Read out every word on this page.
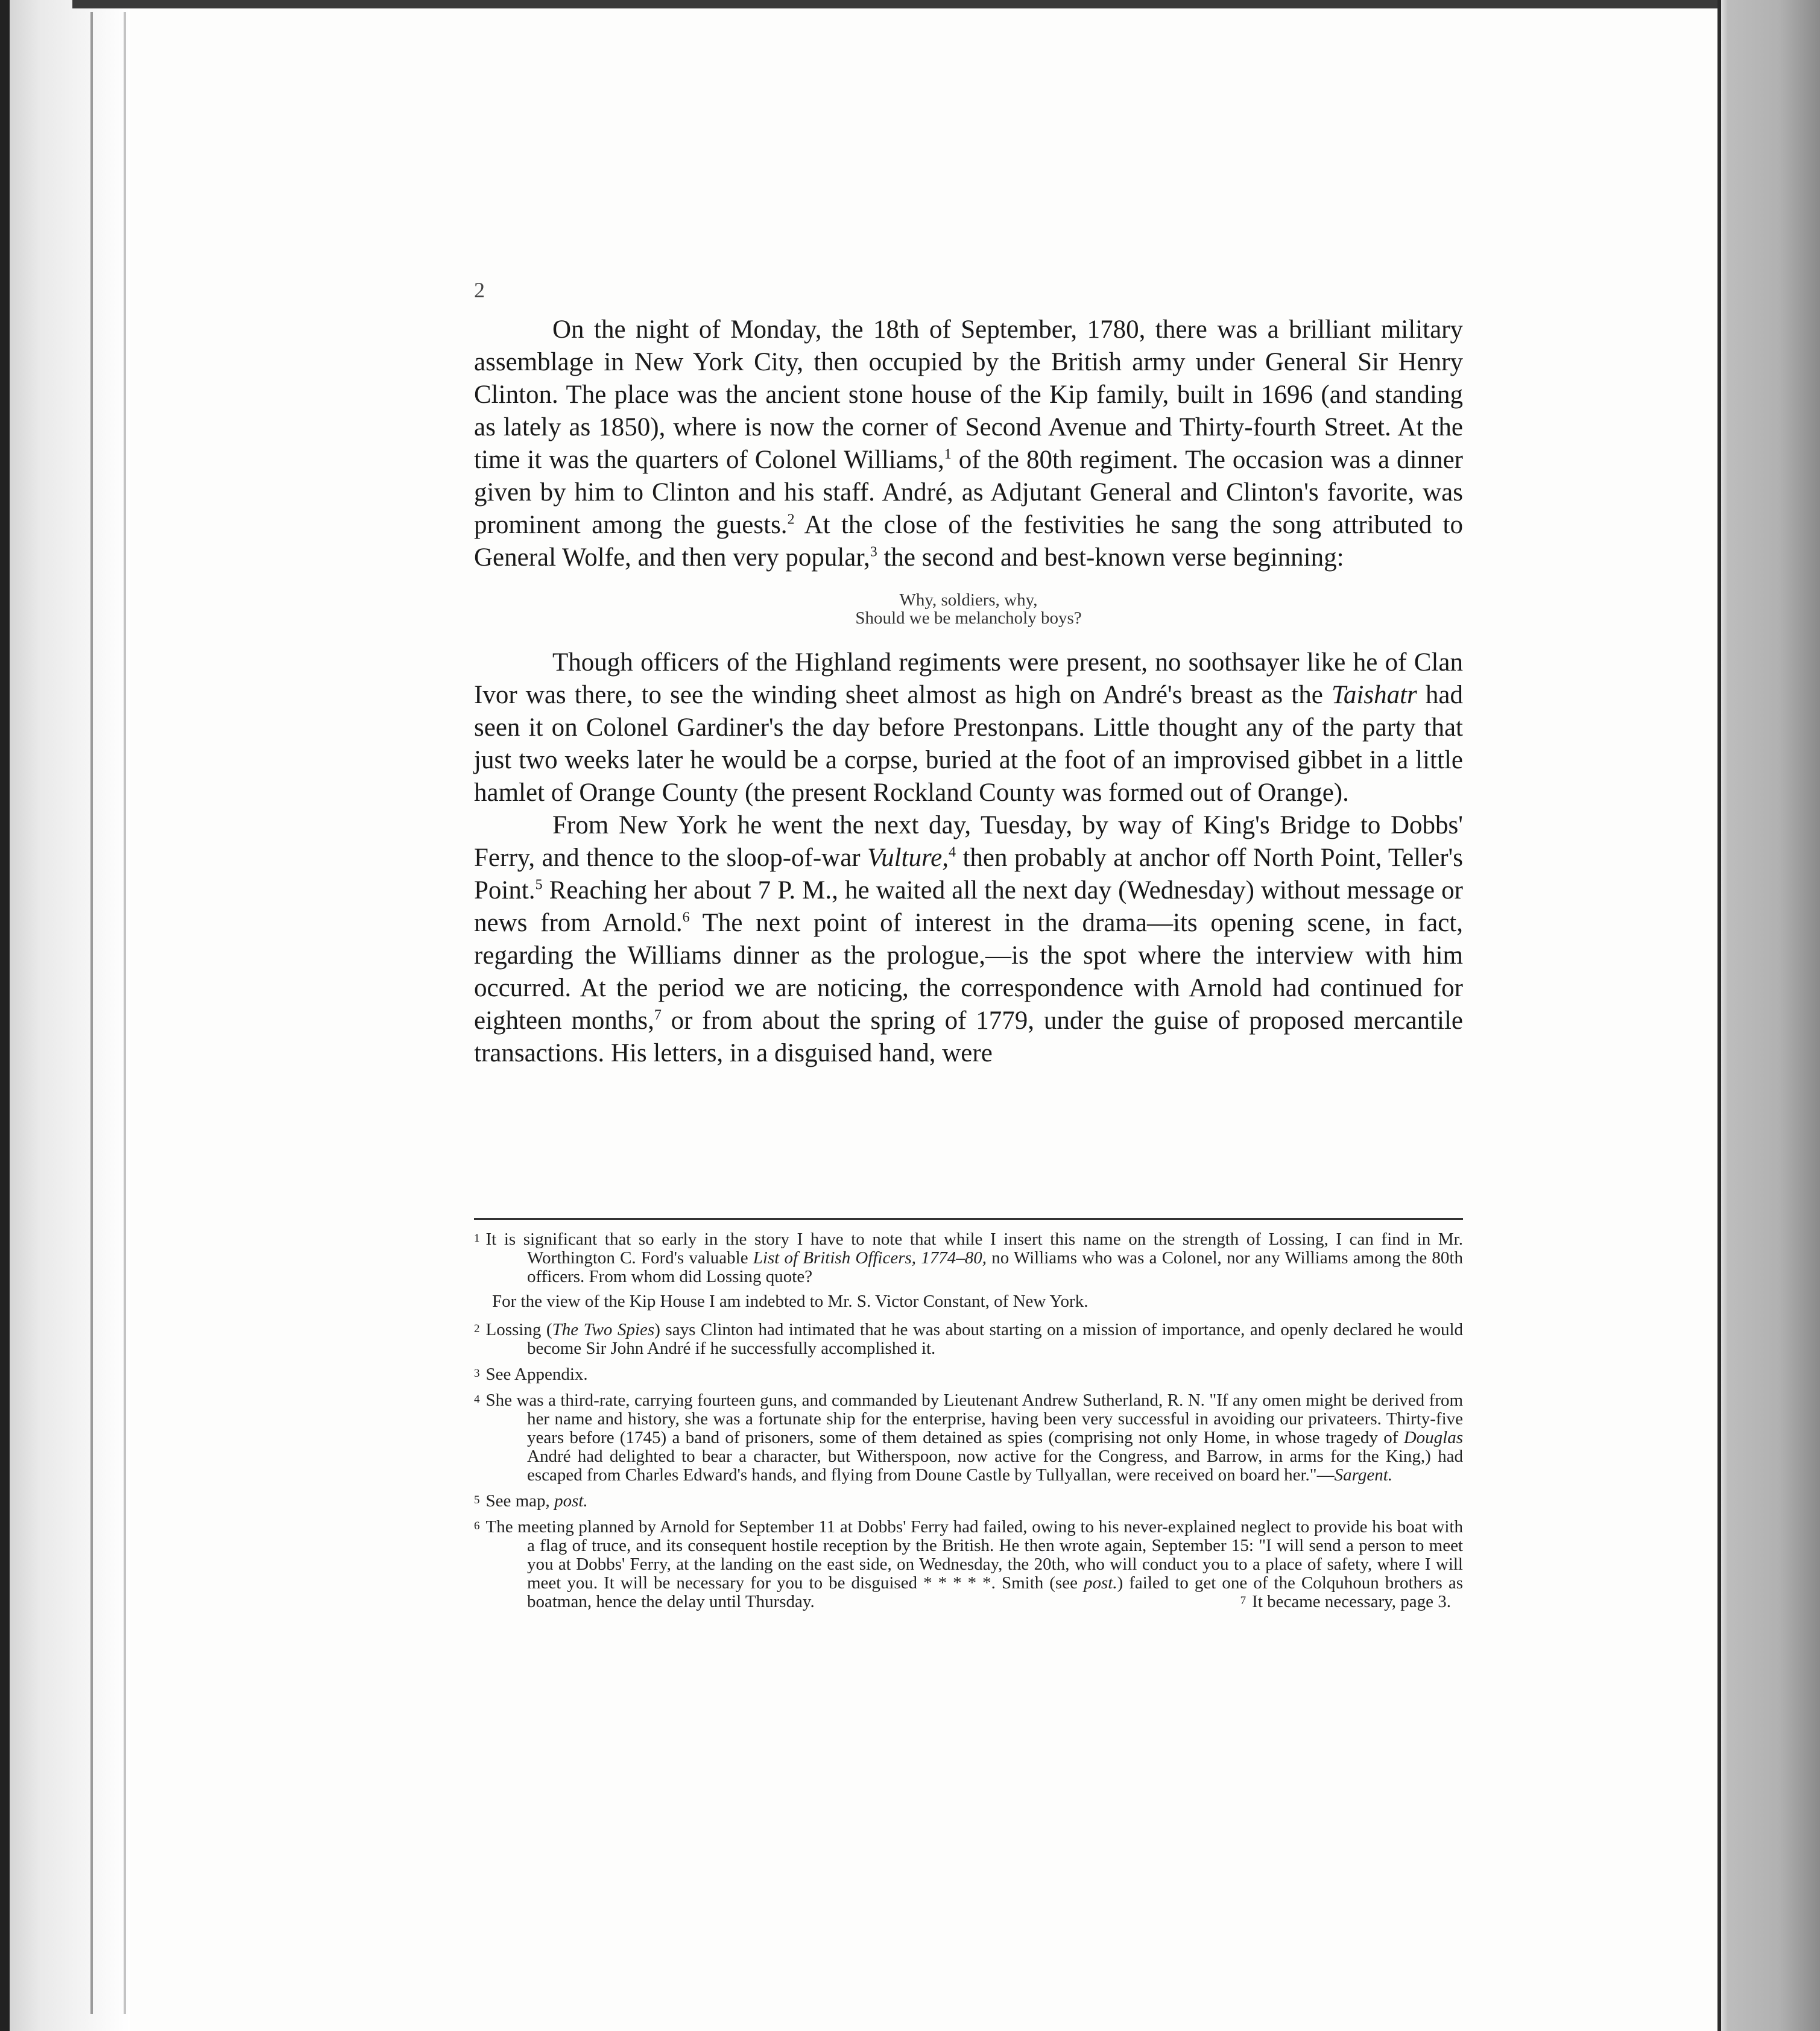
2

On the night of Monday, the 18th of September, 1780, there was a brilliant military assemblage in New York City, then occupied by the British army under General Sir Henry Clinton. The place was the ancient stone house of the Kip family, built in 1696 (and standing as lately as 1850), where is now the corner of Second Avenue and Thirty-fourth Street. At the time it was the quarters of Colonel Williams,$^1$ of the 80th regiment. The occasion was a dinner given by him to Clinton and his staff. André, as Adjutant General and Clinton's favorite, was prominent among the guests.$^2$ At the close of the festivities he sang the song attributed to General Wolfe, and then very popular,$^3$ the second and best-known verse beginning:

Why, soldiers, why,
Should we be melancholy boys?

Though officers of the Highland regiments were present, no soothsayer like he of Clan Ivor was there, to see the winding sheet almost as high on André's breast as the Taishatr had seen it on Colonel Gardiner's the day before Prestonpans. Little thought any of the party that just two weeks later he would be a corpse, buried at the foot of an improvised gibbet in a little hamlet of Orange County (the present Rockland County was formed out of Orange).

From New York he went the next day, Tuesday, by way of King's Bridge to Dobbs' Ferry, and thence to the sloop-of-war Vulture,$^4$ then probably at anchor off North Point, Teller's Point.$^5$ Reaching her about 7 P. M., he waited all the next day (Wednesday) without message or news from Arnold.$^6$ The next point of interest in the drama—its opening scene, in fact, regarding the Williams dinner as the prologue,—is the spot where the interview with him occurred. At the period we are noticing, the correspondence with Arnold had continued for eighteen months,$^7$ or from about the spring of 1779, under the guise of proposed mercantile transactions. His letters, in a disguised hand, were

1 It is significant that so early in the story I have to note that while I insert this name on the strength of Lossing, I can find in Mr. Worthington C. Ford's valuable List of British Officers, 1774–80, no Williams who was a Colonel, nor any Williams among the 80th officers. From whom did Lossing quote?
For the view of the Kip House I am indebted to Mr. S. Victor Constant, of New York.
2 Lossing (The Two Spies) says Clinton had intimated that he was about starting on a mission of importance, and openly declared he would become Sir John André if he successfully accomplished it.
3 See Appendix.
4 She was a third-rate, carrying fourteen guns, and commanded by Lieutenant Andrew Sutherland, R. N. "If any omen might be derived from her name and history, she was a fortunate ship for the enterprise, having been very successful in avoiding our privateers. Thirty-five years before (1745) a band of prisoners, some of them detained as spies (comprising not only Home, in whose tragedy of Douglas André had delighted to bear a character, but Witherspoon, now active for the Congress, and Barrow, in arms for the King,) had escaped from Charles Edward's hands, and flying from Doune Castle by Tullyallan, were received on board her."—Sargent.
5 See map, post.
6 The meeting planned by Arnold for September 11 at Dobbs' Ferry had failed, owing to his never-explained neglect to provide his boat with a flag of truce, and its consequent hostile reception by the British. He then wrote again, September 15: "I will send a person to meet you at Dobbs' Ferry, at the landing on the east side, on Wednesday, the 20th, who will conduct you to a place of safety, where I will meet you. It will be necessary for you to be disguised * * * * *. Smith (see post.) failed to get one of the Colquhoun brothers as boatman, hence the delay until Thursday.	7 It became necessary, page 3.
